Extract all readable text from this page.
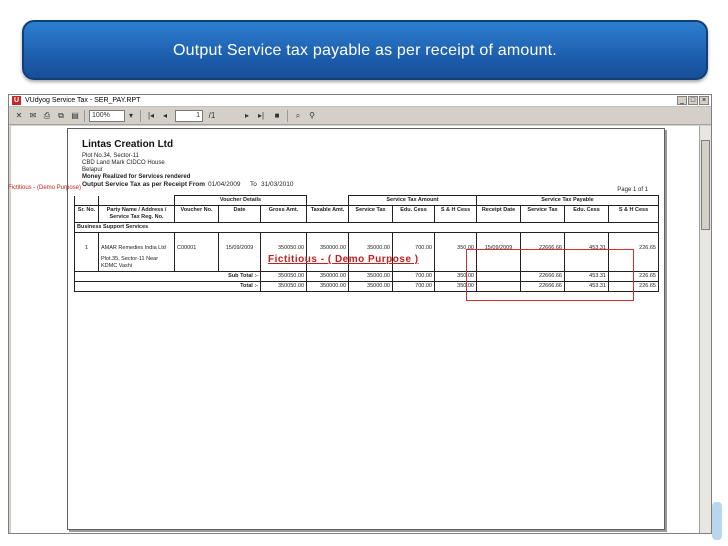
Output Service tax payable as per receipt of amount.
U VUdyog Service Tax - SER_PAY.RPT	_ □ ×
✕ ✉ ⎙ ⧉ ▤	100%	▾	|◂	◂	1	/1	▸	▸|	■	⌕	⚲
Lintas Creation Ltd
Plot No.34, Sector-11
CBD Land Mark CIDCO House
Belapur
Money Realized for Services rendered
Fictitious - (Demo Purpose) Output Service Tax as per Receipt From 01/04/2009 To 31/03/2010
Page 1 of 1
		Voucher Details				Service Tax Amount			Service Tax Payable			
Sr. No.	Party Name / Address / Service Tax Reg. No.	Voucher No.	Date	Gross Amt.	Taxable Amt.	Service Tax	Edu. Cess	S & H Cess	Receipt Date	Service Tax	Edu. Cess	S & H Cess
Business Support Services												
1	AMAR Remedies India Ltd
Plot.35, Sector-11 Near
KDMC Vashi	C00001	15/09/2009	350050.00	350000.00	35000.00	700.00	350.00	15/09/2009	22666.66	453.31	226.65
Sub Total :-				350050.00	350000.00	35000.00	700.00	350.00		22666.66	453.31	226.65
Total :-				350050.00	350000.00	35000.00	700.00	350.00		22666.66	453.31	226.65
Fictitious - ( Demo Purpose )
